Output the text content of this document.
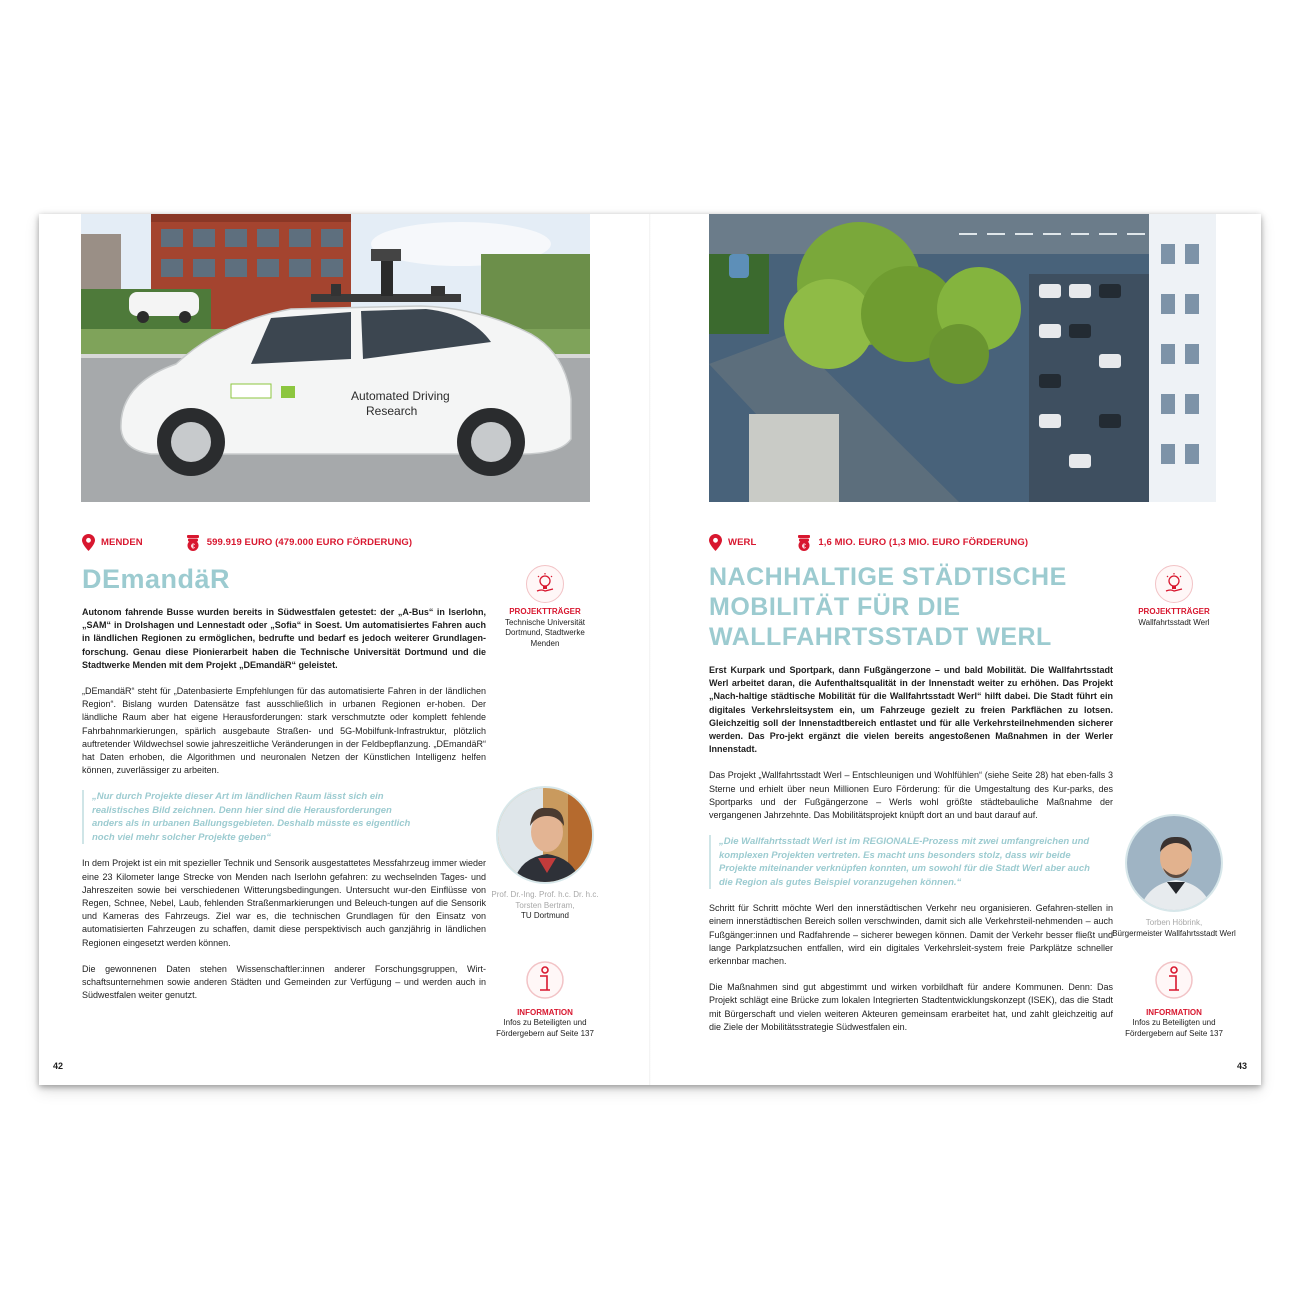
Automated Driving
Research
MENDEN	€ 599.919 EURO (479.000 EURO FÖRDERUNG)
DEmandäR

Autonom fahrende Busse wurden bereits in Südwestfalen getestet: der „A-Bus“ in Iserlohn, „SAM“ in Drolshagen und Lennestadt oder „Sofia“ in Soest. Um automatisiertes Fahren auch in ländlichen Regionen zu ermöglichen, bedrufte und bedarf es jedoch weiterer Grundlagen-forschung. Genau diese Pionierarbeit haben die Technische Universität Dortmund und die Stadtwerke Menden mit dem Projekt „DEmandäR“ geleistet.

„DEmandäR“ steht für „Datenbasierte Empfehlungen für das automatisierte Fahren in der ländlichen Region“. Bislang wurden Datensätze fast ausschließlich in urbanen Regionen er-hoben. Der ländliche Raum aber hat eigene Herausforderungen: stark verschmutzte oder komplett fehlende Fahrbahnmarkierungen, spärlich ausgebaute Straßen- und 5G-Mobilfunk-Infrastruktur, plötzlich auftretender Wildwechsel sowie jahreszeitliche Veränderungen in der Feldbepflanzung. „DEmandäR“ hat Daten erhoben, die Algorithmen und neuronalen Netzen der Künstlichen Intelligenz helfen können, zuverlässiger zu arbeiten.

„Nur durch Projekte dieser Art im ländlichen Raum lässt sich ein realistisches Bild zeichnen. Denn hier sind die Herausforderungen anders als in urbanen Ballungsgebieten. Deshalb müsste es eigentlich noch viel mehr solcher Projekte geben“

In dem Projekt ist ein mit spezieller Technik und Sensorik ausgestattetes Messfahrzeug immer wieder eine 23 Kilometer lange Strecke von Menden nach Iserlohn gefahren: zu wechselnden Tages- und Jahreszeiten sowie bei verschiedenen Witterungsbedingungen. Untersucht wur-den Einflüsse von Regen, Schnee, Nebel, Laub, fehlenden Straßenmarkierungen und Beleuch-tungen auf die Sensorik und Kameras des Fahrzeugs. Ziel war es, die technischen Grundlagen für den Einsatz von automatisierten Fahrzeugen zu schaffen, damit diese perspektivisch auch ganzjährig in ländlichen Regionen eingesetzt werden können.

Die gewonnenen Daten stehen Wissenschaftler:innen anderer Forschungsgruppen, Wirt-schaftsunternehmen sowie anderen Städten und Gemeinden zur Verfügung – und werden auch in Südwestfalen weiter genutzt.

PROJEKTTRÄGER
Technische Universität Dortmund, Stadtwerke Menden
Prof. Dr.-Ing. Prof. h.c. Dr. h.c. Torsten Bertram,
TU Dortmund
INFORMATION
Infos zu Beteiligten und Fördergebern auf Seite 137
42
WERL	€ 1,6 MIO. EURO (1,3 MIO. EURO FÖRDERUNG)
NACHHALTIGE STÄDTISCHE MOBILITÄT FÜR DIE WALLFAHRTSSTADT WERL

Erst Kurpark und Sportpark, dann Fußgängerzone – und bald Mobilität. Die Wallfahrtsstadt Werl arbeitet daran, die Aufenthaltsqualität in der Innenstadt weiter zu erhöhen. Das Projekt „Nach-haltige städtische Mobilität für die Wallfahrtsstadt Werl“ hilft dabei. Die Stadt führt ein digitales Verkehrsleitsystem ein, um Fahrzeuge gezielt zu freien Parkflächen zu lotsen. Gleichzeitig soll der Innenstadtbereich entlastet und für alle Verkehrsteilnehmenden sicherer werden. Das Pro-jekt ergänzt die vielen bereits angestoßenen Maßnahmen in der Werler Innenstadt.

Das Projekt „Wallfahrtsstadt Werl – Entschleunigen und Wohlfühlen“ (siehe Seite 28) hat eben-falls 3 Sterne und erhielt über neun Millionen Euro Förderung: für die Umgestaltung des Kur-parks, des Sportparks und der Fußgängerzone – Werls wohl größte städtebauliche Maßnahme der vergangenen Jahrzehnte. Das Mobilitätsprojekt knüpft dort an und baut darauf auf.

„Die Wallfahrtsstadt Werl ist im REGIONALE-Prozess mit zwei umfangreichen und komplexen Projekten vertreten. Es macht uns besonders stolz, dass wir beide Projekte miteinander verknüpfen konnten, um sowohl für die Stadt Werl aber auch die Region als gutes Beispiel voranzugehen können.“

Schritt für Schritt möchte Werl den innerstädtischen Verkehr neu organisieren. Gefahren-stellen in einem innerstädtischen Bereich sollen verschwinden, damit sich alle Verkehrsteil-nehmenden – auch Fußgänger:innen und Radfahrende – sicherer bewegen können. Damit der Verkehr besser fließt und lange Parkplatzsuchen entfallen, wird ein digitales Verkehrsleit-system freie Parkplätze schneller erkennbar machen.

Die Maßnahmen sind gut abgestimmt und wirken vorbildhaft für andere Kommunen. Denn: Das Projekt schlägt eine Brücke zum lokalen Integrierten Stadtentwicklungskonzept (ISEK), das die Stadt mit Bürgerschaft und vielen weiteren Akteuren gemeinsam erarbeitet hat, und zahlt gleichzeitig auf die Ziele der Mobilitätsstrategie Südwestfalen ein.

PROJEKTTRÄGER
Wallfahrtsstadt Werl
Torben Höbrink,
Bürgermeister Wallfahrtsstadt Werl
INFORMATION
Infos zu Beteiligten und Fördergebern auf Seite 137
43
